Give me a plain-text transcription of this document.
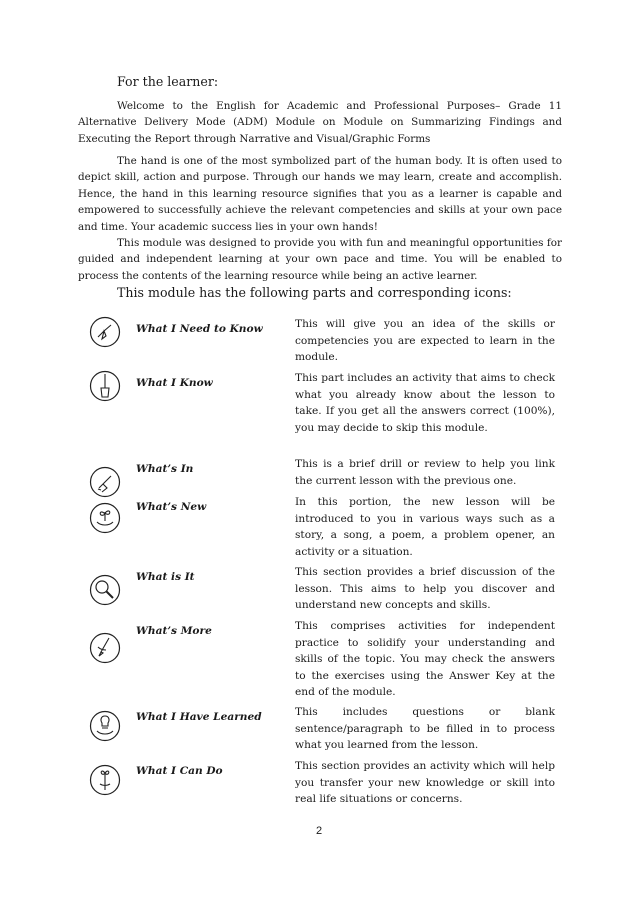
For the learner:

Welcome to the English for Academic and Professional Purposes– Grade 11 Alternative Delivery Mode (ADM) Module on Module on Summarizing Findings and Executing the Report through Narrative and Visual/Graphic Forms

The hand is one of the most symbolized part of the human body. It is often used to depict skill, action and purpose. Through our hands we may learn, create and accomplish. Hence, the hand in this learning resource signifies that you as a learner is capable and empowered to successfully achieve the relevant competencies and skills at your own pace and time. Your academic success lies in your own hands!

This module was designed to provide you with fun and meaningful opportunities for guided and independent learning at your own pace and time. You will be enabled to process the contents of the learning resource while being an active learner.

This module has the following parts and corresponding icons:
What I Need to Know	This will give you an idea of the skills or competencies you are expected to learn in the module.

What I Know	This part includes an activity that aims to check what you already know about the lesson to take. If you get all the answers correct (100%), you may decide to skip this module.

What’s In	This is a brief drill or review to help you link the current lesson with the previous one.

What’s New	In this portion, the new lesson will be introduced to you in various ways such as a story, a song, a poem, a problem opener, an activity or a situation.

What is It	This section provides a brief discussion of the lesson. This aims to help you discover and understand new concepts and skills.

What’s More	This comprises activities for independent practice to solidify your understanding and skills of the topic. You may check the answers to the exercises using the Answer Key at the end of the module.

What I Have Learned	This includes questions or blank sentence/paragraph to be filled in to process what you learned from the lesson.

What I Can Do	This section provides an activity which will help you transfer your new knowledge or skill into real life situations or concerns.

2
